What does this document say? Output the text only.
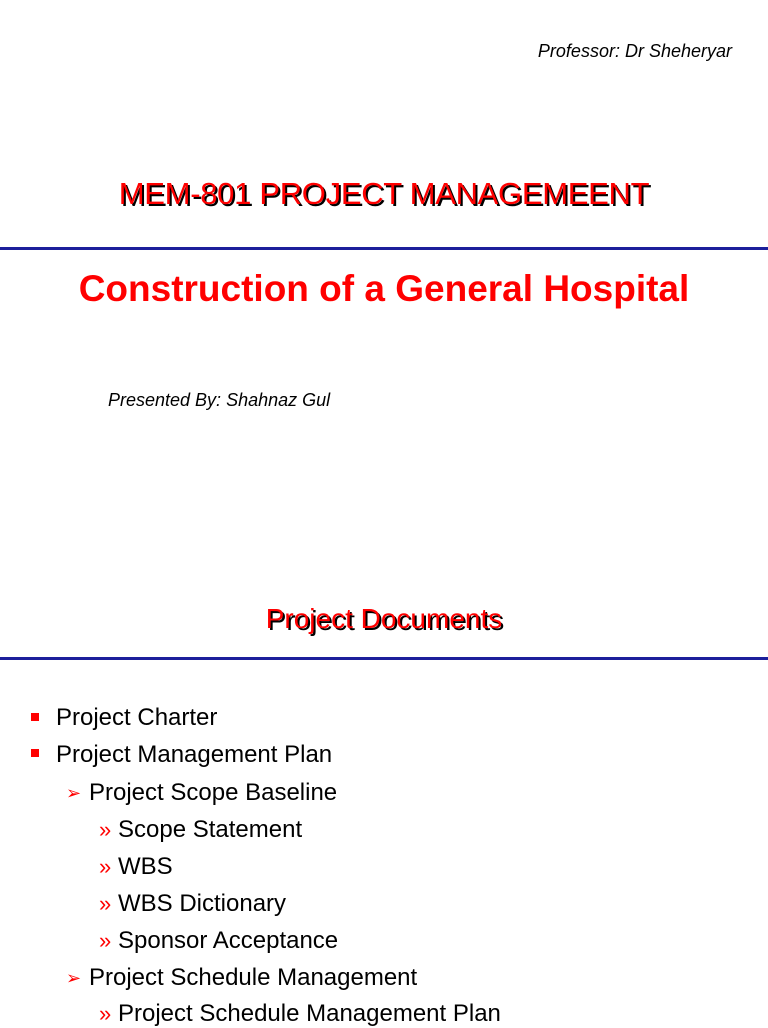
Professor: Dr Sheheryar
MEM-801 PROJECT MANAGEMEENT
Construction of a General Hospital
Presented By: Shahnaz Gul
Project Documents
Project Charter
Project Management Plan
➢ Project Scope Baseline
» Scope Statement
» WBS
» WBS Dictionary
» Sponsor Acceptance
➢ Project Schedule Management
» Project Schedule Management Plan
